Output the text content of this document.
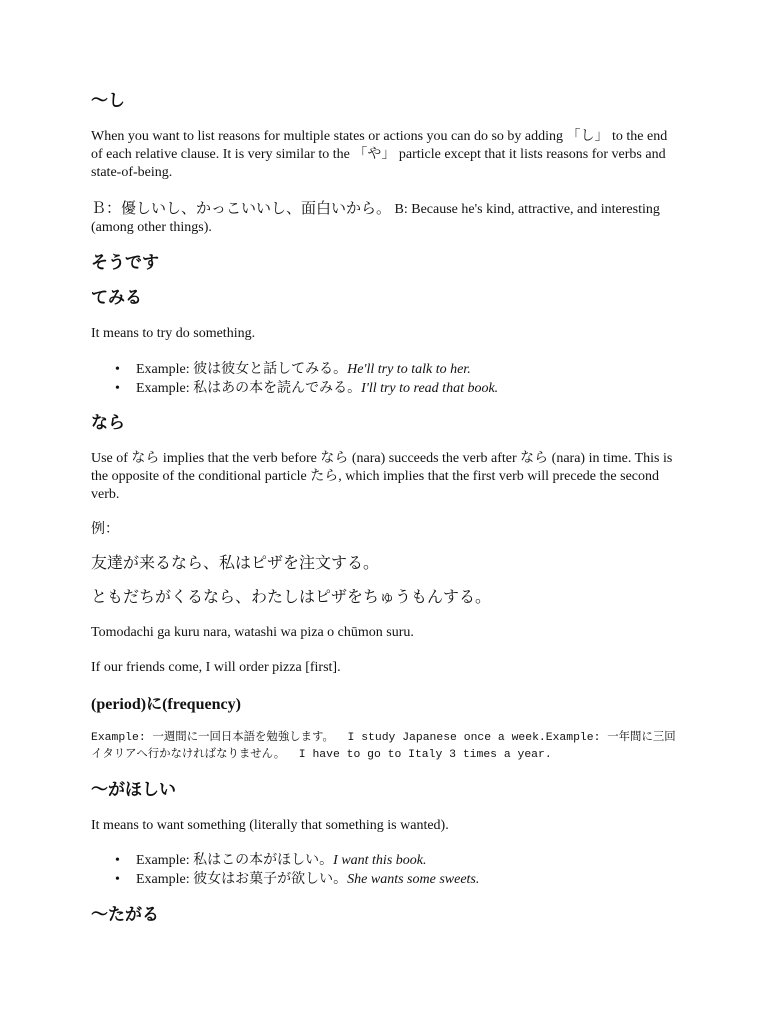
〜し
When you want to list reasons for multiple states or actions you can do so by adding 「し」 to the end of each relative clause. It is very similar to the 「や」 particle except that it lists reasons for verbs and state-of-being.
Ｂ：優しいし、かっこいいし、面白いから。 B: Because he's kind, attractive, and interesting (among other things).
そうです
てみる
It means to try do something.
• Example: 彼は彼女と話してみる。He'll try to talk to her.
• Example: 私はあの本を読んでみる。I'll try to read that book.
なら
Use of なら implies that the verb before なら (nara) succeeds the verb after なら (nara) in time. This is the opposite of the conditional particle たら, which implies that the first verb will precede the second verb.
例：
友達が来るなら、私はピザを注文する。
ともだちがくるなら、わたしはピザをちゅうもんする。
Tomodachi ga kuru nara, watashi wa piza o chūmon suru.
If our friends come, I will order pizza [first].
(period)に(frequency)
Example: 一週間に一回日本語を勉強します。  I study Japanese once a week.Example: 一年間に三回イタリアへ行かなければなりません。  I have to go to Italy 3 times a year.
〜がほしい
It means to want something (literally that something is wanted).
• Example: 私はこの本がほしい。I want this book.
• Example: 彼女はお菓子が欲しい。She wants some sweets.
〜たがる
